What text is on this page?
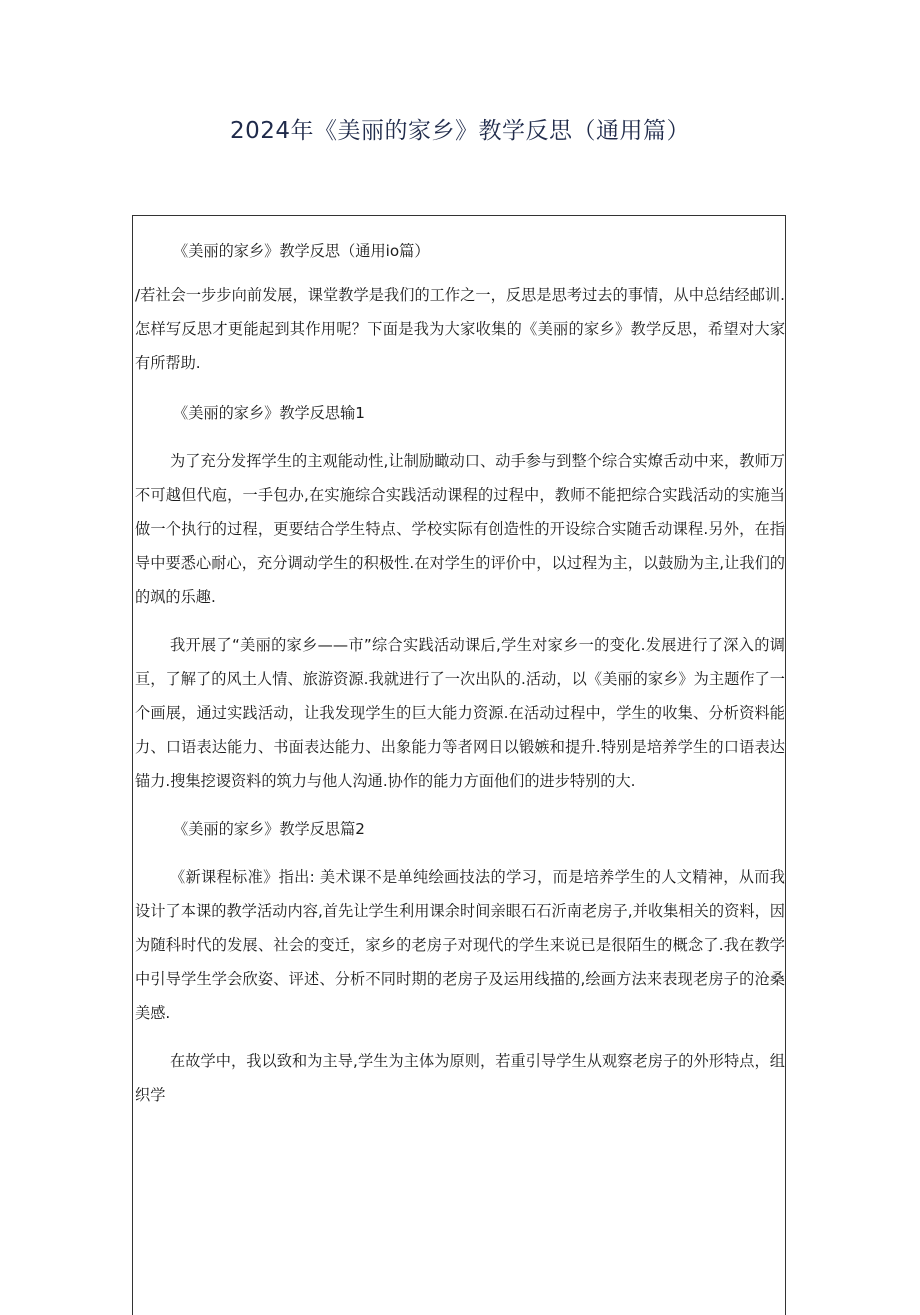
2024年《美丽的家乡》教学反思（通用篇）

《美丽的家乡》教学反思（通用io篇）

/若社会一步步向前发展，课堂教学是我们的工作之一，反思是思考过去的事情，从中总结经邮训.怎样写反思才更能起到其作用呢？下面是我为大家收集的《美丽的家乡》教学反思，希望对大家有所帮助.

《美丽的家乡》教学反思输1

为了充分发挥学生的主观能动性,让制励瞰动口、动手参与到整个综合实燎舌动中来，教师万不可越但代庖，一手包办,在实施综合实践活动课程的过程中，教师不能把综合实践活动的实施当做一个执行的过程，更要结合学生特点、学校实际有创造性的开设综合实随舌动课程.另外，在指导中要悉心耐心，充分调动学生的积极性.在对学生的评价中，以过程为主，以鼓励为主,让我们的的飒的乐趣.

我开展了“美丽的家乡——市”综合实践活动课后,学生对家乡一的变化.发展进行了深入的调亘，了解了的风土人情、旅游资源.我就进行了一次出队的.活动，以《美丽的家乡》为主题作了一个画展，通过实践活动，让我发现学生的巨大能力资源.在活动过程中，学生的收集、分析资料能力、口语表达能力、书面表达能力、出象能力等者网日以锻嫉和提升.特别是培养学生的口语表达锚力.搜集挖谡资料的筑力与他人沟通.协作的能力方面他们的进步特别的大.

《美丽的家乡》教学反思篇2

《新课程标准》指出: 美术课不是单纯绘画技法的学习，而是培养学生的人文精神，从而我设计了本课的教学活动内容,首先让学生利用课余时间亲眼石石沂南老房子,并收集相关的资料，因为随科时代的发展、社会的变迁，家乡的老房子对现代的学生来说已是很陌生的概念了.我在教学中引导学生学会欣姿、评述、分析不同时期的老房子及运用线描的,绘画方法来表现老房子的沧桑美感.

在故学中，我以致和为主导,学生为主体为原则，若重引导学生从观察老房子的外形特点，组织学
